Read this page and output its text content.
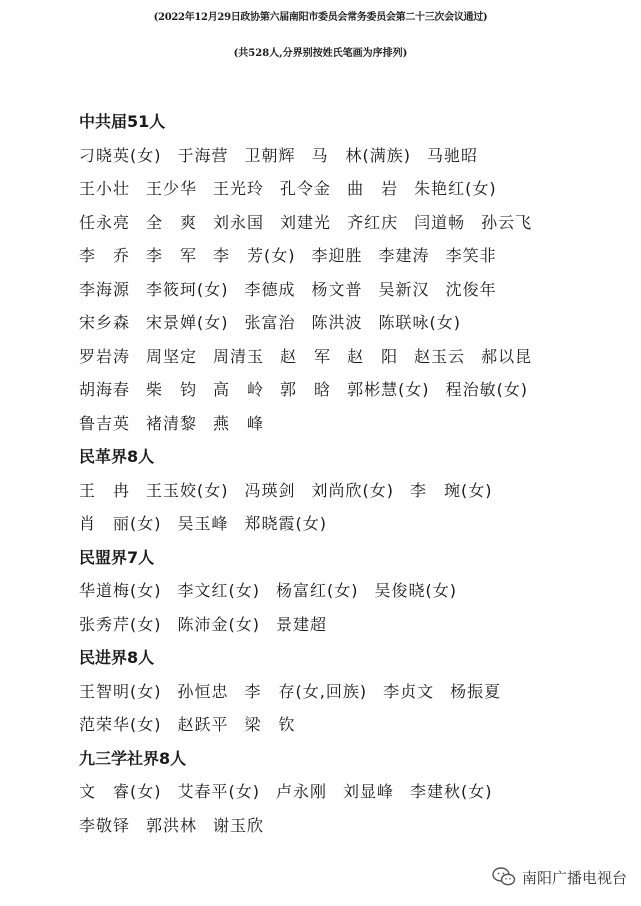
(2022年12月29日政协第六届南阳市委员会常务委员会第二十三次会议通过)
(共528人,分界别按姓氏笔画为序排列)
中共届51人
刁晓英(女) 于海营 卫朝辉 马　林(满族) 马驰昭
王小壮 王少华 王光玲 孔令金 曲　岩 朱艳红(女)
任永亮 全　爽 刘永国 刘建光 齐红庆 闫道畅 孙云飞
李　乔 李　军 李　芳(女) 李迎胜 李建涛 李笑非
李海源 李筱珂(女) 李德成 杨文普 吴新汉 沈俊年
宋乡森 宋景婵(女) 张富治 陈洪波 陈联咏(女)
罗岩涛 周坚定 周清玉 赵　军 赵　阳 赵玉云 郝以昆
胡海春 柴　钧 高　岭 郭　晗 郭彬慧(女) 程治敏(女)
鲁吉英 褚清黎 燕　峰
民革界8人
王　冉 王玉姣(女) 冯瑛剑 刘尚欣(女) 李　琬(女)
肖　丽(女) 吴玉峰 郑晓霞(女)
民盟界7人
华道梅(女) 李文红(女) 杨富红(女) 吴俊晓(女)
张秀芹(女) 陈沛金(女) 景建超
民进界8人
王智明(女) 孙恒忠 李　存(女,回族) 李贞文 杨振夏
范荣华(女) 赵跃平 梁　钦
九三学社界8人
文　睿(女) 艾春平(女) 卢永刚 刘显峰 李建秋(女)
李敬铎 郭洪林 谢玉欣
南阳广播电视台
